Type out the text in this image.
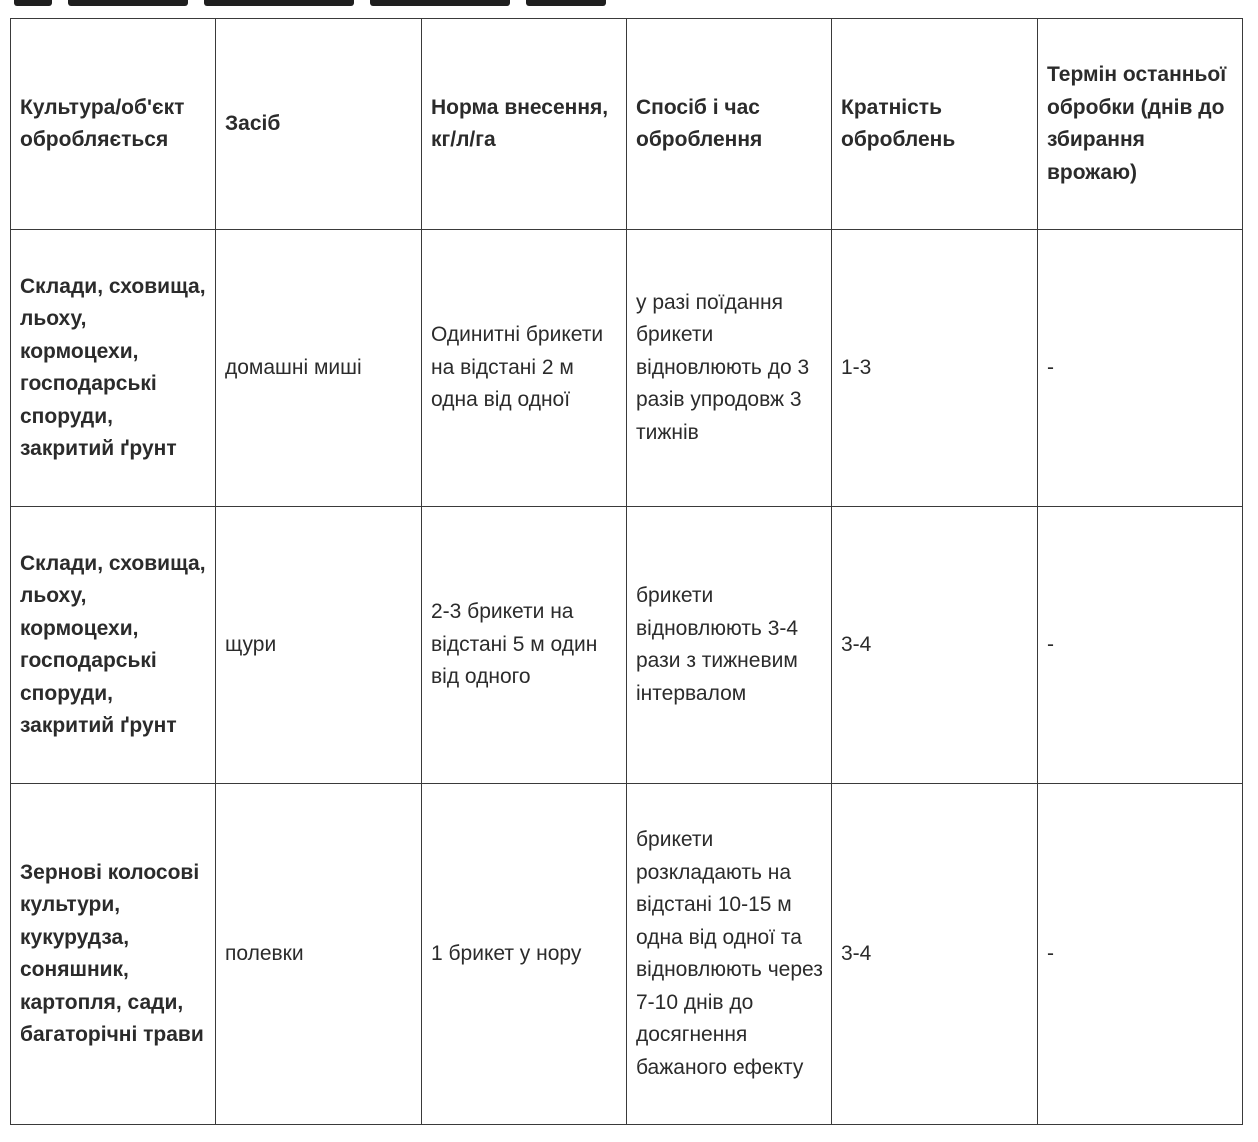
Культура/об'єкт обробляється	Засіб	Норма внесення, кг/л/га	Спосіб і час оброблення	Кратність оброблень	Термін останньої обробки (днів до збирання врожаю)
Склади, сховища, льоху, кормоцехи, господарські споруди, закритий ґрунт	домашні миші	Одинитні брикети на відстані 2 м одна від одної	у разі поїдання брикети відновлюють до 3 разів упродовж 3 тижнів	1-3	-
Склади, сховища, льоху, кормоцехи, господарські споруди, закритий ґрунт	щури	2-3 брикети на відстані 5 м один від одного	брикети відновлюють 3-4 рази з тижневим інтервалом	3-4	-
Зернові колосові культури, кукурудза, соняшник, картопля, сади, багаторічні трави	полевки	1 брикет у нору	брикети розкладають на відстані 10-15 м одна від одної та відновлюють через 7-10 днів до досягнення бажаного ефекту	3-4	-
